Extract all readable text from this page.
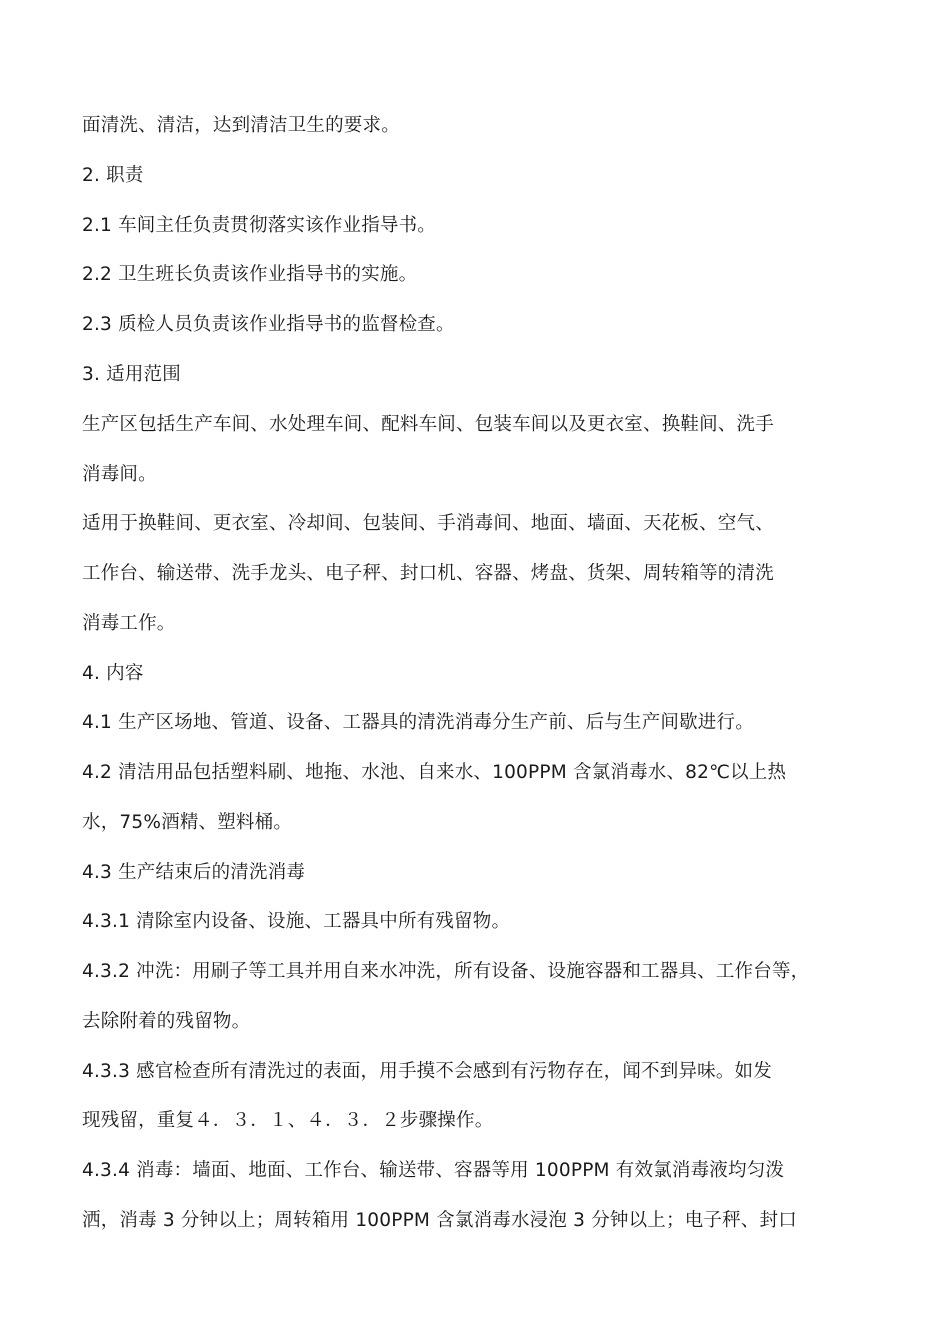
面清洗、清洁，达到清洁卫生的要求。
2. 职责
2.1 车间主任负责贯彻落实该作业指导书。
2.2 卫生班长负责该作业指导书的实施。
2.3 质检人员负责该作业指导书的监督检查。
3. 适用范围
生产区包括生产车间、水处理车间、配料车间、包装车间以及更衣室、换鞋间、洗手
消毒间。
适用于换鞋间、更衣室、冷却间、包装间、手消毒间、地面、墙面、天花板、空气、
工作台、输送带、洗手龙头、电子秤、封口机、容器、烤盘、货架、周转箱等的清洗
消毒工作。
4. 内容
4.1 生产区场地、管道、设备、工器具的清洗消毒分生产前、后与生产间歇进行。
4.2 清洁用品包括塑料刷、地拖、水池、自来水、100PPM 含氯消毒水、82℃以上热
水，75%酒精、塑料桶。
4.3 生产结束后的清洗消毒
4.3.1 清除室内设备、设施、工器具中所有残留物。
4.3.2 冲洗：用刷子等工具并用自来水冲洗，所有设备、设施容器和工器具、工作台等，
去除附着的残留物。
4.3.3 感官检查所有清洗过的表面，用手摸不会感到有污物存在，闻不到异味。如发
现残留，重复４．３．１、４．３．２步骤操作。
4.3.4 消毒：墙面、地面、工作台、输送带、容器等用 100PPM 有效氯消毒液均匀泼
洒，消毒 3 分钟以上；周转箱用 100PPM 含氯消毒水浸泡 3 分钟以上；电子秤、封口
